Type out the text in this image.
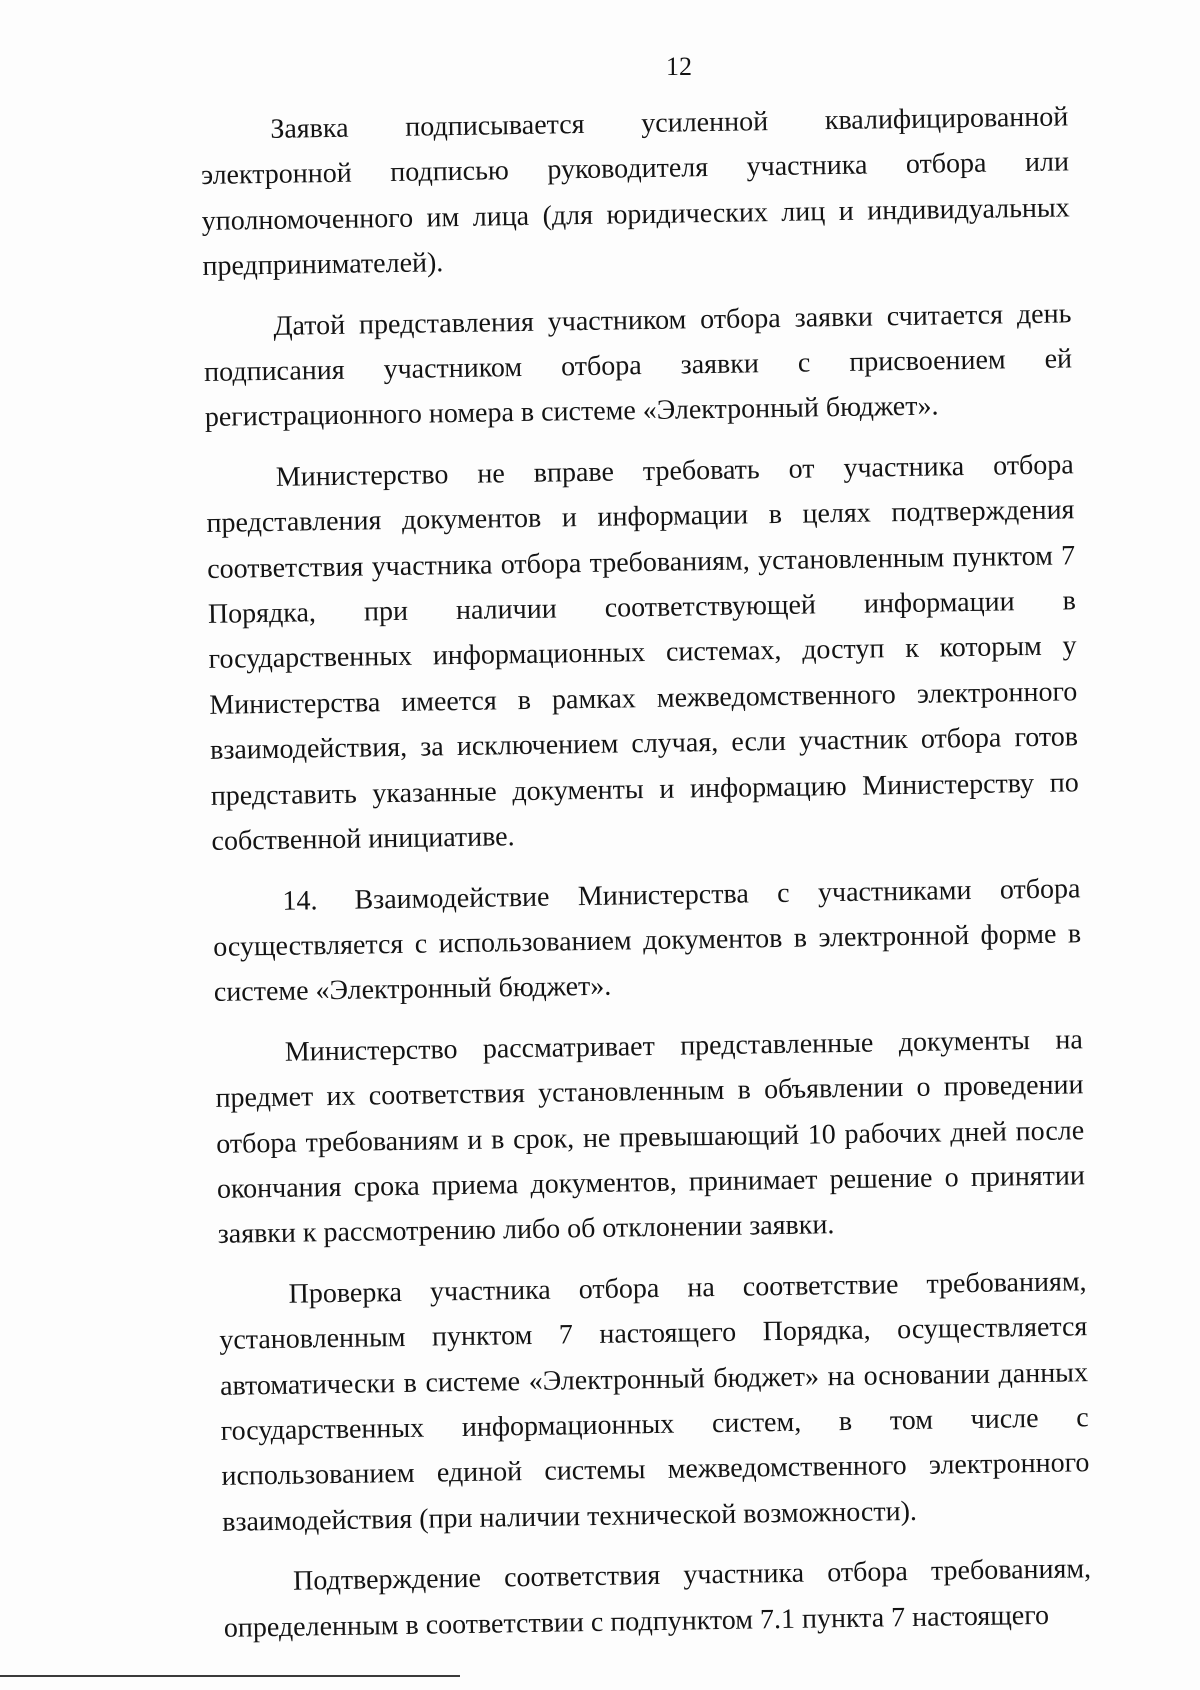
12

Заявка подписывается усиленной квалифицированной электронной подписью руководителя участника отбора или уполномоченного им лица (для юридических лиц и индивидуальных предпринимателей).

Датой представления участником отбора заявки считается день подписания участником отбора заявки с присвоением ей регистрационного номера в системе «Электронный бюджет».

Министерство не вправе требовать от участника отбора представления документов и информации в целях подтверждения соответствия участника отбора требованиям, установленным пунктом 7 Порядка, при наличии соответствующей информации в государственных информационных системах, доступ к которым у Министерства имеется в рамках межведомственного электронного взаимодействия, за исключением случая, если участник отбора готов представить указанные документы и информацию Министерству по собственной инициативе.

14. Взаимодействие Министерства с участниками отбора осуществляется с использованием документов в электронной форме в системе «Электронный бюджет».

Министерство рассматривает представленные документы на предмет их соответствия установленным в объявлении о проведении отбора требованиям и в срок, не превышающий 10 рабочих дней после окончания срока приема документов, принимает решение о принятии заявки к рассмотрению либо об отклонении заявки.

Проверка участника отбора на соответствие требованиям, установленным пунктом 7 настоящего Порядка, осуществляется автоматически в системе «Электронный бюджет» на основании данных государственных информационных систем, в том числе с использованием единой системы межведомственного электронного взаимодействия (при наличии технической возможности).

Подтверждение соответствия участника отбора требованиям, определенным в соответствии с подпунктом 7.1 пункта 7 настоящего
